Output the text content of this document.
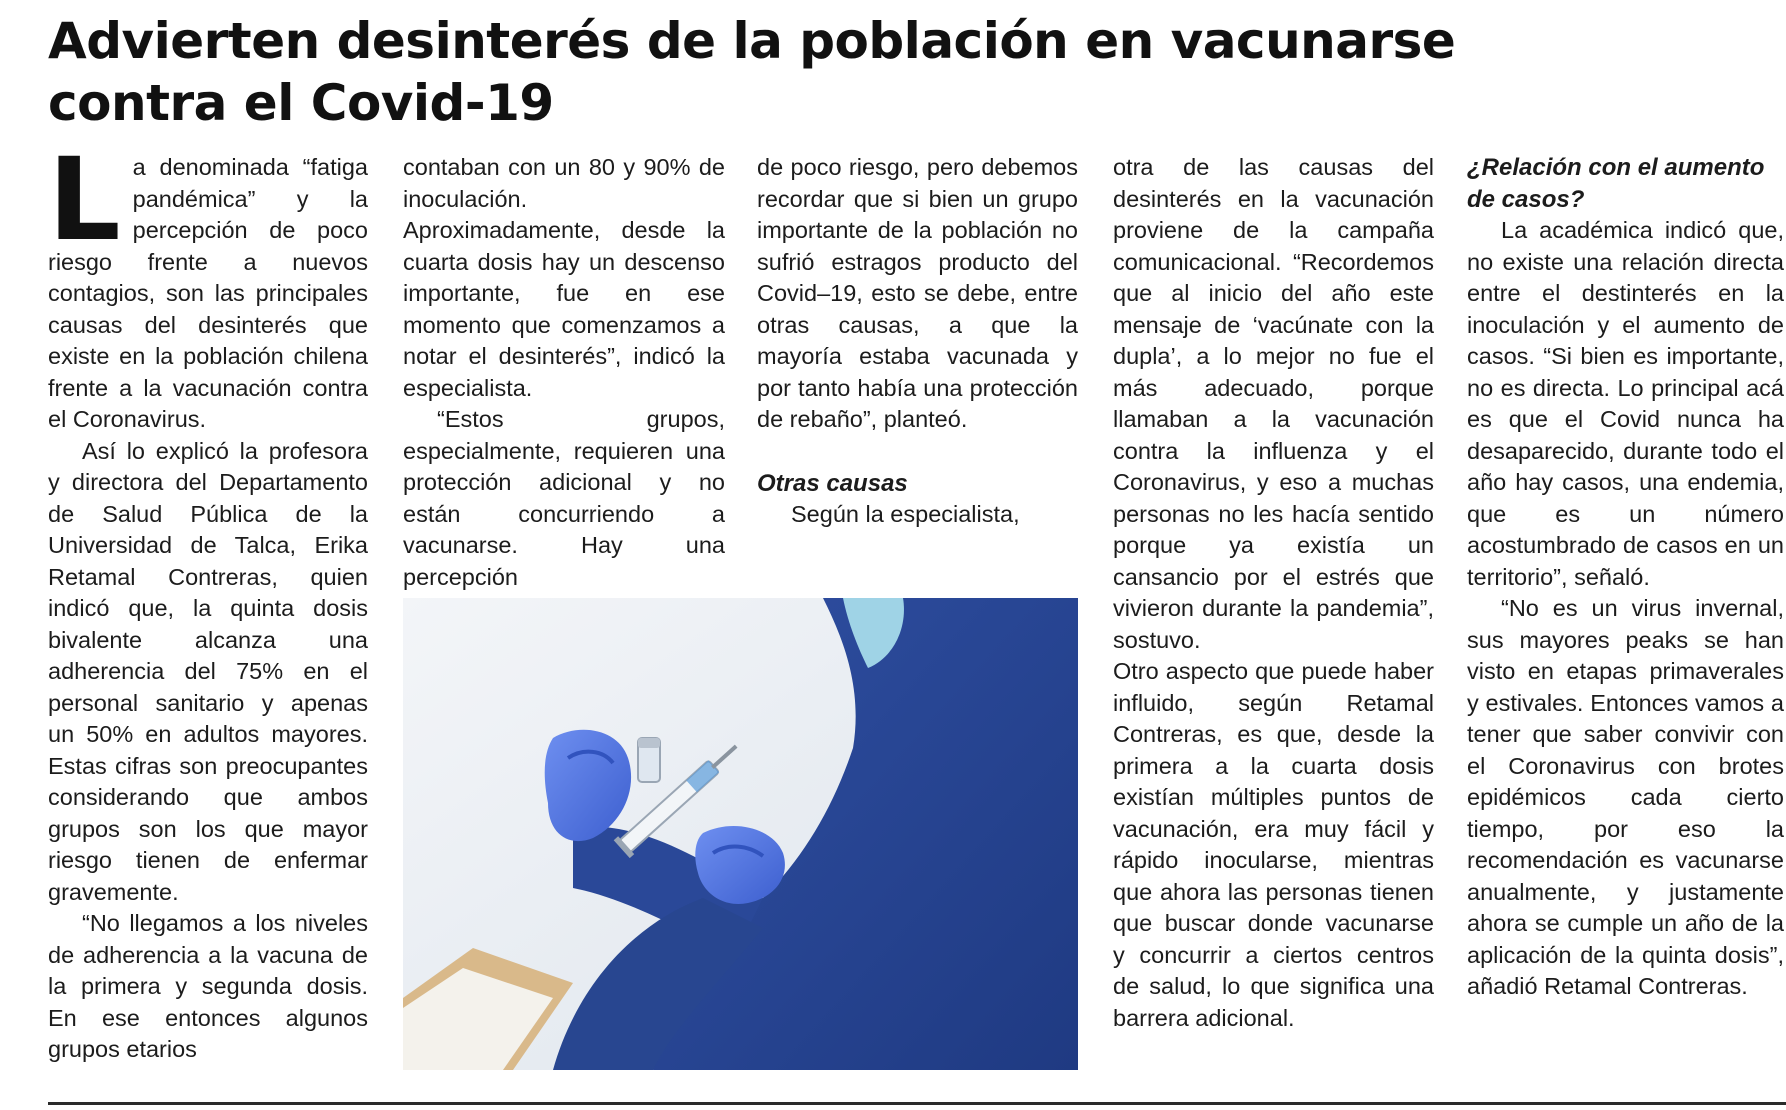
Advierten desinterés de la población en vacunarse contra el Covid-19

La denominada “fatiga pandémica” y la percepción de poco riesgo frente a nuevos contagios, son las principales causas del desinterés que existe en la población chilena frente a la vacunación contra el Coronavirus.

Así lo explicó la profesora y directora del Departamento de Salud Pública de la Universidad de Talca, Erika Retamal Contreras, quien indicó que, la quinta dosis bivalente alcanza una adherencia del 75% en el personal sanitario y apenas un 50% en adultos mayores. Estas cifras son preocupantes considerando que ambos grupos son los que mayor riesgo tienen de enfermar gravemente.

“No llegamos a los niveles de adherencia a la vacuna de la primera y segunda dosis. En ese entonces algunos grupos etarios

contaban con un 80 y 90% de inoculación. Aproximadamente, desde la cuarta dosis hay un descenso importante, fue en ese momento que comenzamos a notar el desinterés”, indicó la especialista.

“Estos grupos, especialmente, requieren una protección adicional y no están concurriendo a vacunarse. Hay una percepción

de poco riesgo, pero debemos recordar que si bien un grupo importante de la población no sufrió estragos producto del Covid–19, esto se debe, entre otras causas, a que la mayoría estaba vacunada y por tanto había una protección de rebaño”, planteó.

Otras causas

Según la especialista,

otra de las causas del desinterés en la vacunación proviene de la campaña comunicacional. “Recordemos que al inicio del año este mensaje de ‘vacúnate con la dupla’, a lo mejor no fue el más adecuado, porque llamaban a la vacunación contra la influenza y el Coronavirus, y eso a muchas personas no les hacía sentido porque ya existía un cansancio por el estrés que vivieron durante la pandemia”, sostuvo.

Otro aspecto que puede haber influido, según Retamal Contreras, es que, desde la primera a la cuarta dosis existían múltiples puntos de vacunación, era muy fácil y rápido inocularse, mientras que ahora las personas tienen que buscar donde vacunarse y concurrir a ciertos centros de salud, lo que significa una barrera adicional.

¿Relación con el aumento de casos?

La académica indicó que, no existe una relación directa entre el destinterés en la inoculación y el aumento de casos. “Si bien es importante, no es directa. Lo principal acá es que el Covid nunca ha desaparecido, durante todo el año hay casos, una endemia, que es un número acostumbrado de casos en un territorio”, señaló.

“No es un virus invernal, sus mayores peaks se han visto en etapas primaverales y estivales. Entonces vamos a tener que saber convivir con el Coronavirus con brotes epidémicos cada cierto tiempo, por eso la recomendación es vacunarse anualmente, y justamente ahora se cumple un año de la aplicación de la quinta dosis”, añadió Retamal Contreras.
